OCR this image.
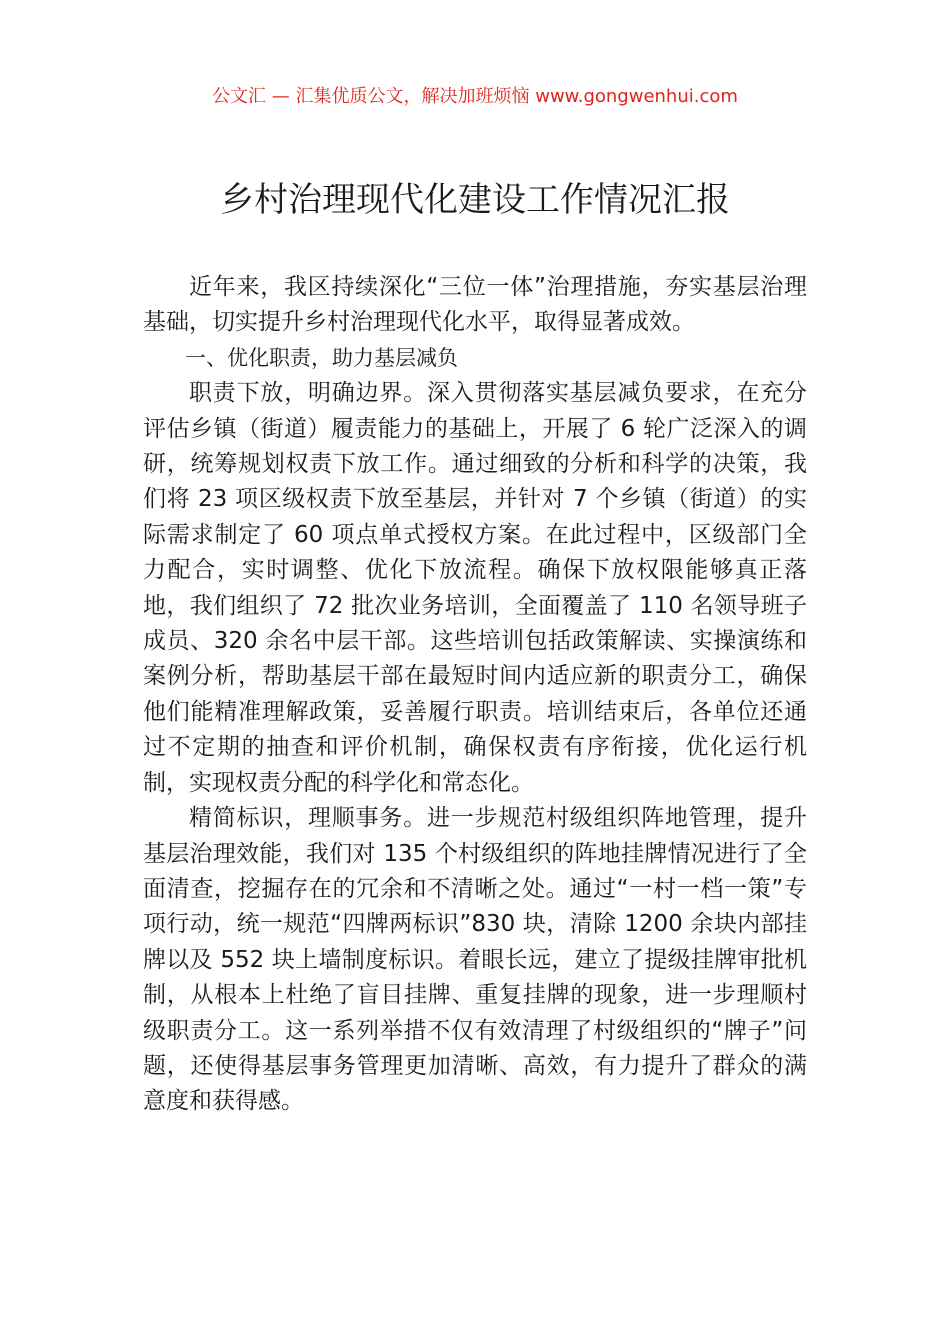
公文汇 — 汇集优质公文，解决加班烦恼 www.gongwenhui.com
乡村治理现代化建设工作情况汇报

近年来，我区持续深化“三位一体”治理措施，夯实基层治理基础，切实提升乡村治理现代化水平，取得显著成效。

一、优化职责，助力基层减负

职责下放，明确边界。深入贯彻落实基层减负要求，在充分评估乡镇（街道）履责能力的基础上，开展了 6 轮广泛深入的调研，统筹规划权责下放工作。通过细致的分析和科学的决策，我们将 23 项区级权责下放至基层，并针对 7 个乡镇（街道）的实际需求制定了 60 项点单式授权方案。在此过程中，区级部门全力配合，实时调整、优化下放流程。确保下放权限能够真正落地，我们组织了 72 批次业务培训，全面覆盖了 110 名领导班子成员、320 余名中层干部。这些培训包括政策解读、实操演练和案例分析，帮助基层干部在最短时间内适应新的职责分工，确保他们能精准理解政策，妥善履行职责。培训结束后，各单位还通过不定期的抽查和评价机制，确保权责有序衔接，优化运行机制，实现权责分配的科学化和常态化。

精简标识，理顺事务。进一步规范村级组织阵地管理，提升基层治理效能，我们对 135 个村级组织的阵地挂牌情况进行了全面清查，挖掘存在的冗余和不清晰之处。通过“一村一档一策”专项行动，统一规范“四牌两标识”830 块，清除 1200 余块内部挂牌以及 552 块上墙制度标识。着眼长远，建立了提级挂牌审批机制，从根本上杜绝了盲目挂牌、重复挂牌的现象，进一步理顺村级职责分工。这一系列举措不仅有效清理了村级组织的“牌子”问题，还使得基层事务管理更加清晰、高效，有力提升了群众的满意度和获得感。
